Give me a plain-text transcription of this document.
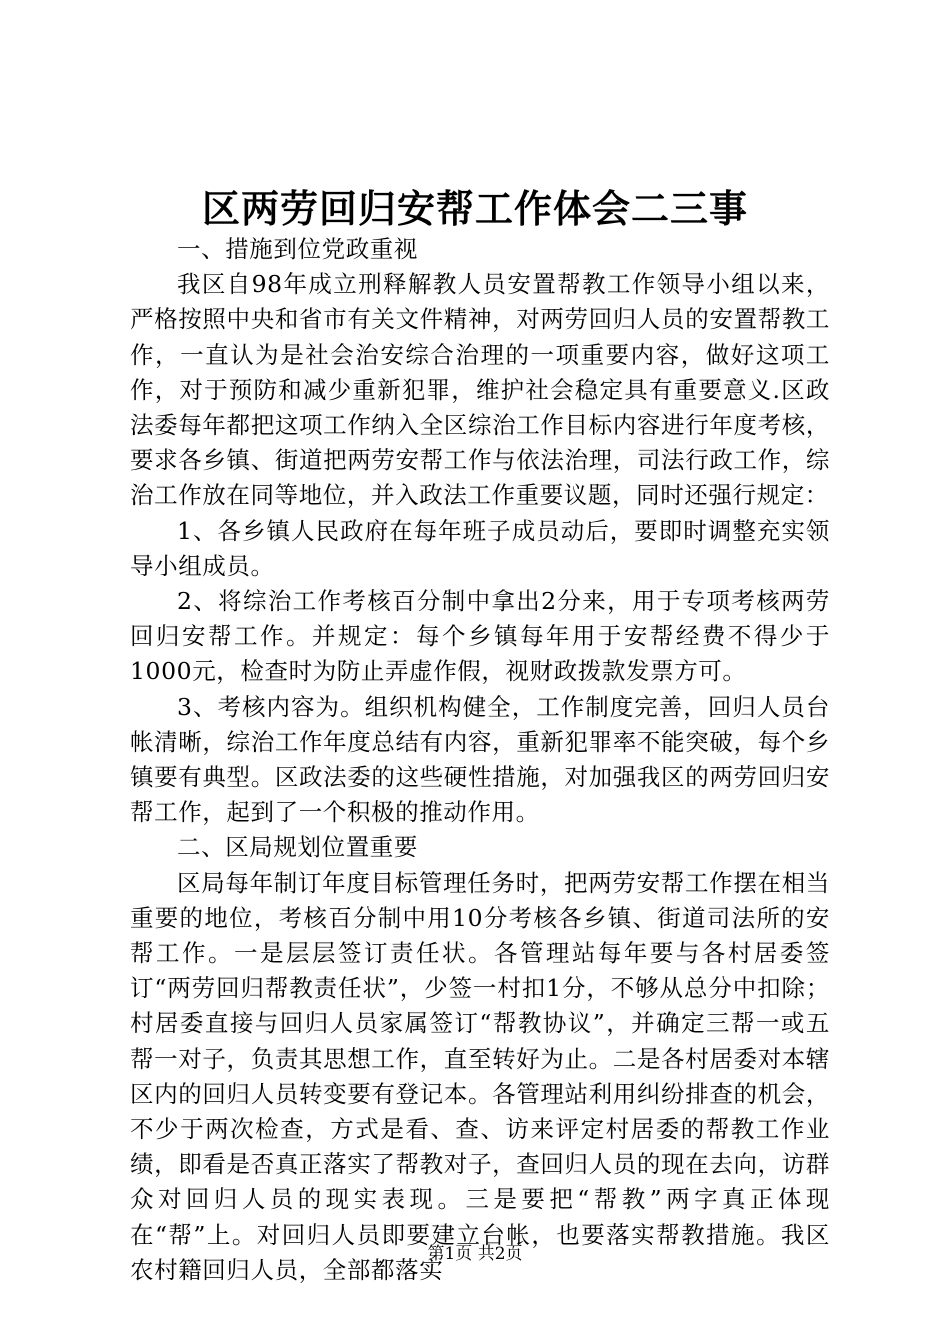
区两劳回归安帮工作体会二三事

一、措施到位党政重视

我区自98年成立刑释解教人员安置帮教工作领导小组以来，严格按照中央和省市有关文件精神，对两劳回归人员的安置帮教工作，一直认为是社会治安综合治理的一项重要内容，做好这项工作，对于预防和减少重新犯罪，维护社会稳定具有重要意义.区政法委每年都把这项工作纳入全区综治工作目标内容进行年度考核，要求各乡镇、街道把两劳安帮工作与依法治理，司法行政工作，综治工作放在同等地位，并入政法工作重要议题，同时还强行规定：

1、各乡镇人民政府在每年班子成员动后，要即时调整充实领导小组成员。

2、将综治工作考核百分制中拿出2分来，用于专项考核两劳回归安帮工作。并规定：每个乡镇每年用于安帮经费不得少于1000元，检查时为防止弄虚作假，视财政拨款发票方可。

3、考核内容为。组织机构健全，工作制度完善，回归人员台帐清晰，综治工作年度总结有内容，重新犯罪率不能突破，每个乡镇要有典型。区政法委的这些硬性措施，对加强我区的两劳回归安帮工作，起到了一个积极的推动作用。

二、区局规划位置重要

区局每年制订年度目标管理任务时，把两劳安帮工作摆在相当重要的地位，考核百分制中用10分考核各乡镇、街道司法所的安帮工作。一是层层签订责任状。各管理站每年要与各村居委签订“两劳回归帮教责任状”，少签一村扣1分，不够从总分中扣除；村居委直接与回归人员家属签订“帮教协议”，并确定三帮一或五帮一对子，负责其思想工作，直至转好为止。二是各村居委对本辖区内的回归人员转变要有登记本。各管理站利用纠纷排查的机会，不少于两次检查，方式是看、查、访来评定村居委的帮教工作业绩，即看是否真正落实了帮教对子，查回归人员的现在去向，访群众对回归人员的现实表现。三是要把“帮教”两字真正体现在“帮”上。对回归人员即要建立台帐，也要落实帮教措施。我区农村籍回归人员，全部都落实

第1页 共2页
